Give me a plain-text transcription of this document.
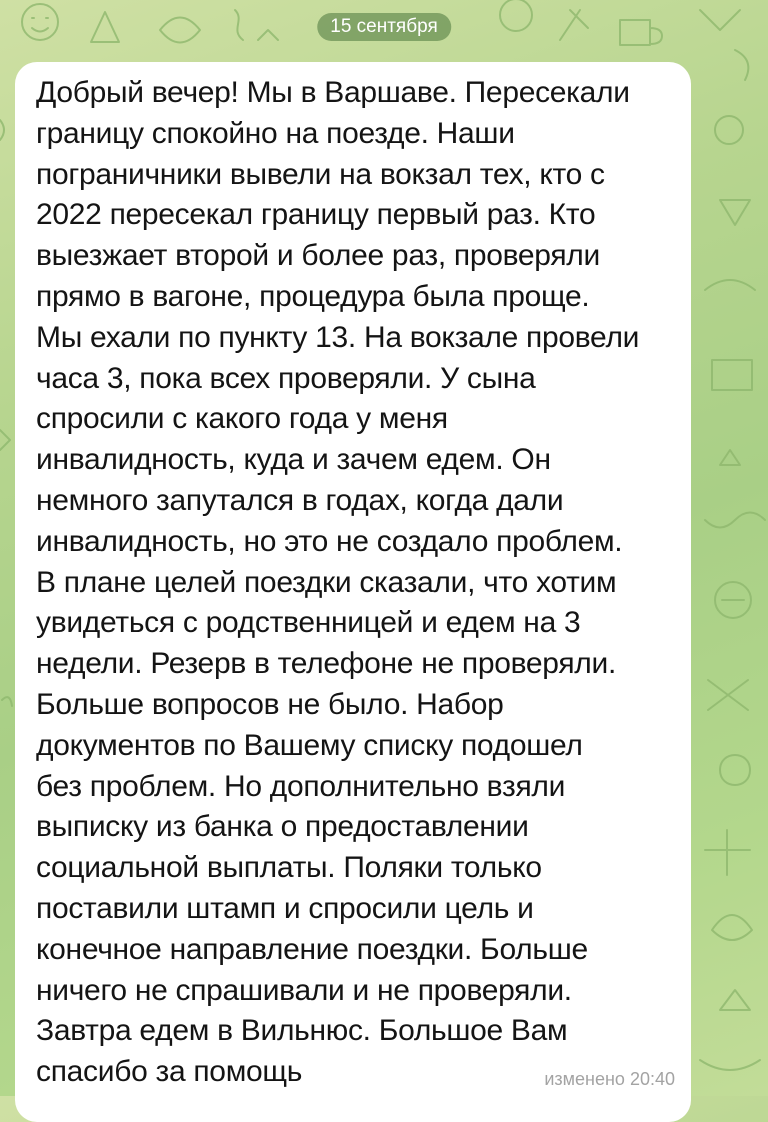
15 сентября
Добрый вечер! Мы в Варшаве. Пересекали
границу спокойно на поезде. Наши
пограничники вывели на вокзал тех, кто с
2022 пересекал границу первый раз. Кто
выезжает второй и более раз, проверяли
прямо в вагоне, процедура была проще.
Мы ехали по пункту 13. На вокзале провели
часа 3, пока всех проверяли. У сына
спросили с какого года у меня
инвалидность, куда и зачем едем. Он
немного запутался в годах, когда дали
инвалидность, но это не создало проблем.
В плане целей поездки сказали, что хотим
увидеться с родственницей и едем на 3
недели. Резерв в телефоне не проверяли.
Больше вопросов не было. Набор
документов по Вашему списку подошел
без проблем. Но дополнительно взяли
выписку из банка о предоставлении
социальной выплаты. Поляки только
поставили штамп и спросили цель и
конечное направление поездки. Больше
ничего не спрашивали и не проверяли.
Завтра едем в Вильнюс. Большое Вам
спасибо за помощь	изменено 20:40
